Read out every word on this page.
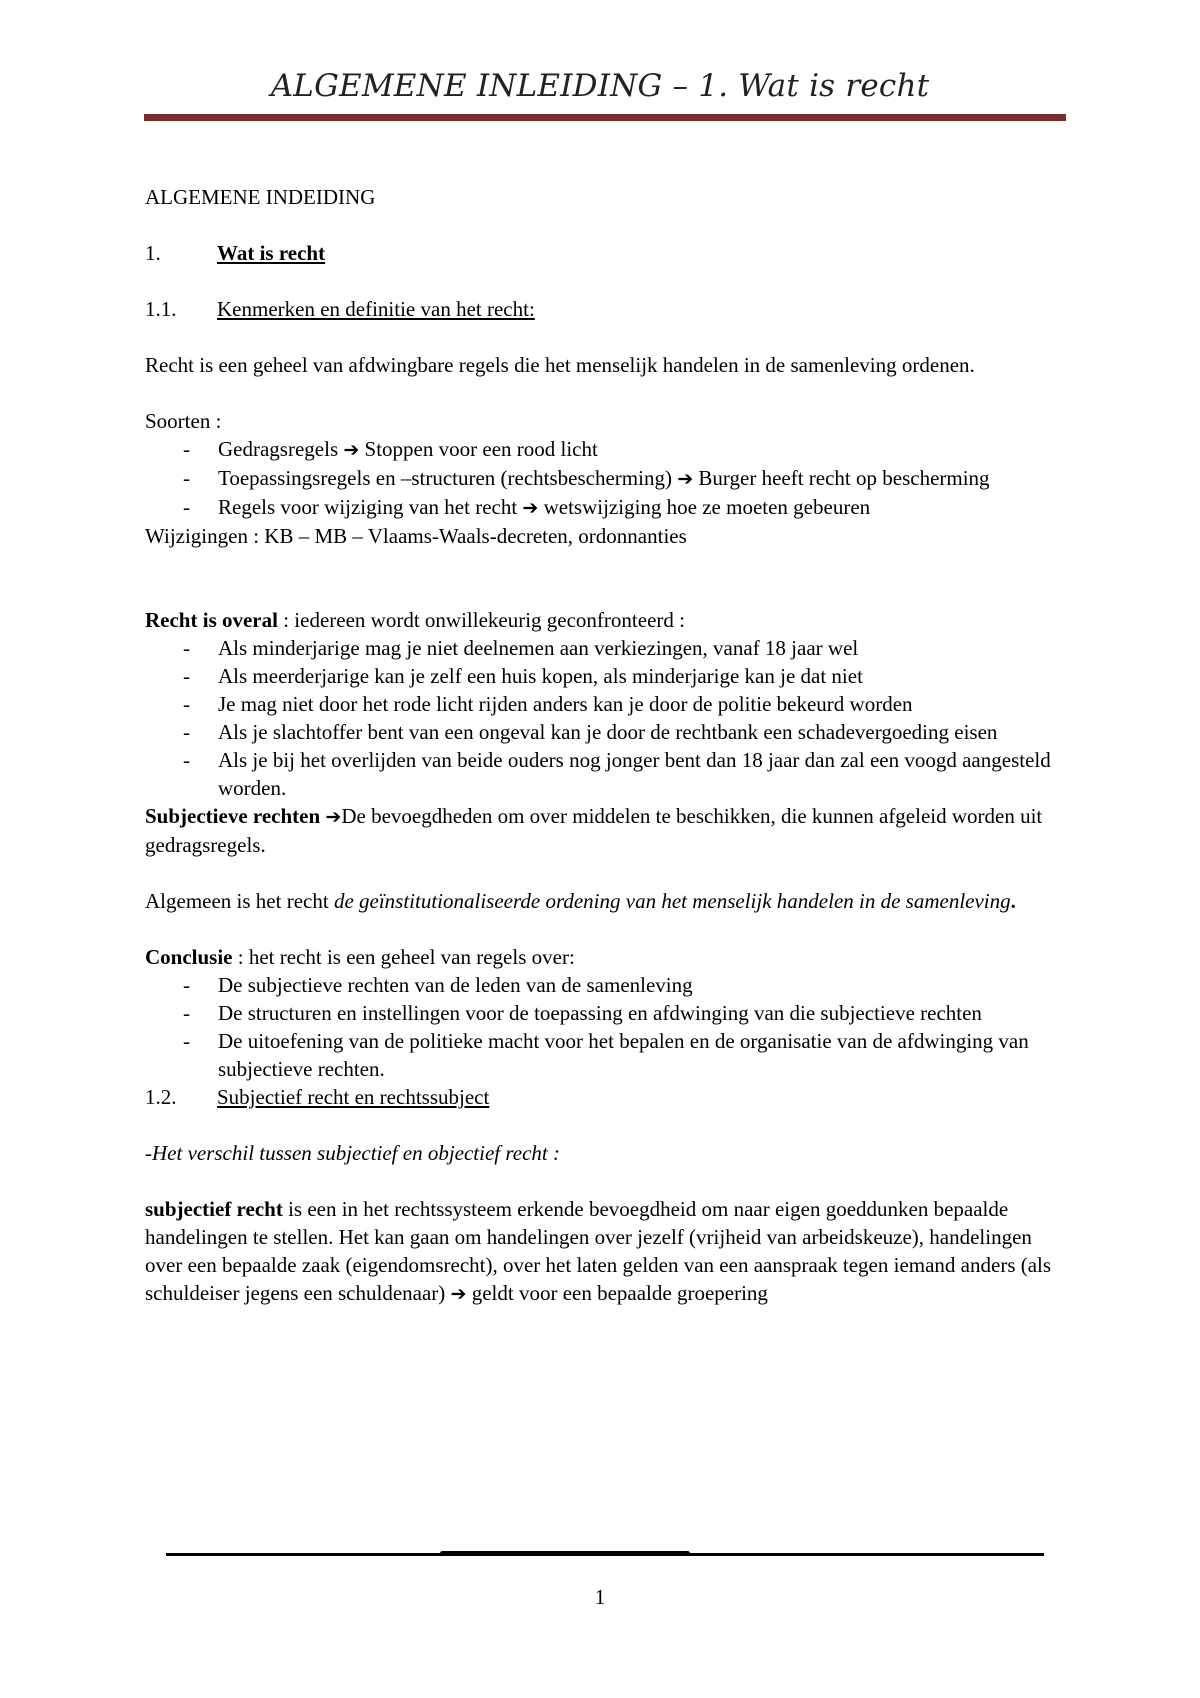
ALGEMENE INLEIDING – 1. Wat is recht

ALGEMENE INDEIDING

1.	Wat is recht
1.1.	Kenmerken en definitie van het recht:

Recht is een geheel van afdwingbare regels die het menselijk handelen in de samenleving ordenen.

Soorten :

- Gedragsregels ➔ Stoppen voor een rood licht
- Toepassingsregels en –structuren (rechtsbescherming) ➔ Burger heeft recht op bescherming
- Regels voor wijziging van het recht ➔ wetswijziging hoe ze moeten gebeuren

Wijzigingen : KB – MB – Vlaams-Waals-decreten, ordonnanties

Recht is overal : iedereen wordt onwillekeurig geconfronteerd :

- Als minderjarige mag je niet deelnemen aan verkiezingen, vanaf 18 jaar wel
- Als meerderjarige kan je zelf een huis kopen, als minderjarige kan je dat niet
- Je mag niet door het rode licht rijden anders kan je door de politie bekeurd worden
- Als je slachtoffer bent van een ongeval kan je door de rechtbank een schadevergoeding eisen
- Als je bij het overlijden van beide ouders nog jonger bent dan 18 jaar dan zal een voogd aangesteld worden.

Subjectieve rechten ➔De bevoegdheden om over middelen te beschikken, die kunnen afgeleid worden uit gedragsregels.

Algemeen is het recht de geïnstitutionaliseerde ordening van het menselijk handelen in de samenleving.

Conclusie : het recht is een geheel van regels over:

- De subjectieve rechten van de leden van de samenleving
- De structuren en instellingen voor de toepassing en afdwinging van die subjectieve rechten
- De uitoefening van de politieke macht voor het bepalen en de organisatie van de afdwinging van subjectieve rechten.
1.2.	Subjectief recht en rechtssubject

-Het verschil tussen subjectief en objectief recht :

subjectief recht is een in het rechtssysteem erkende bevoegdheid om naar eigen goeddunken bepaalde handelingen te stellen. Het kan gaan om handelingen over jezelf (vrijheid van arbeidskeuze), handelingen over een bepaalde zaak (eigendomsrecht), over het laten gelden van een aanspraak tegen iemand anders (als schuldeiser jegens een schuldenaar) ➔ geldt voor een bepaalde groepering

1
